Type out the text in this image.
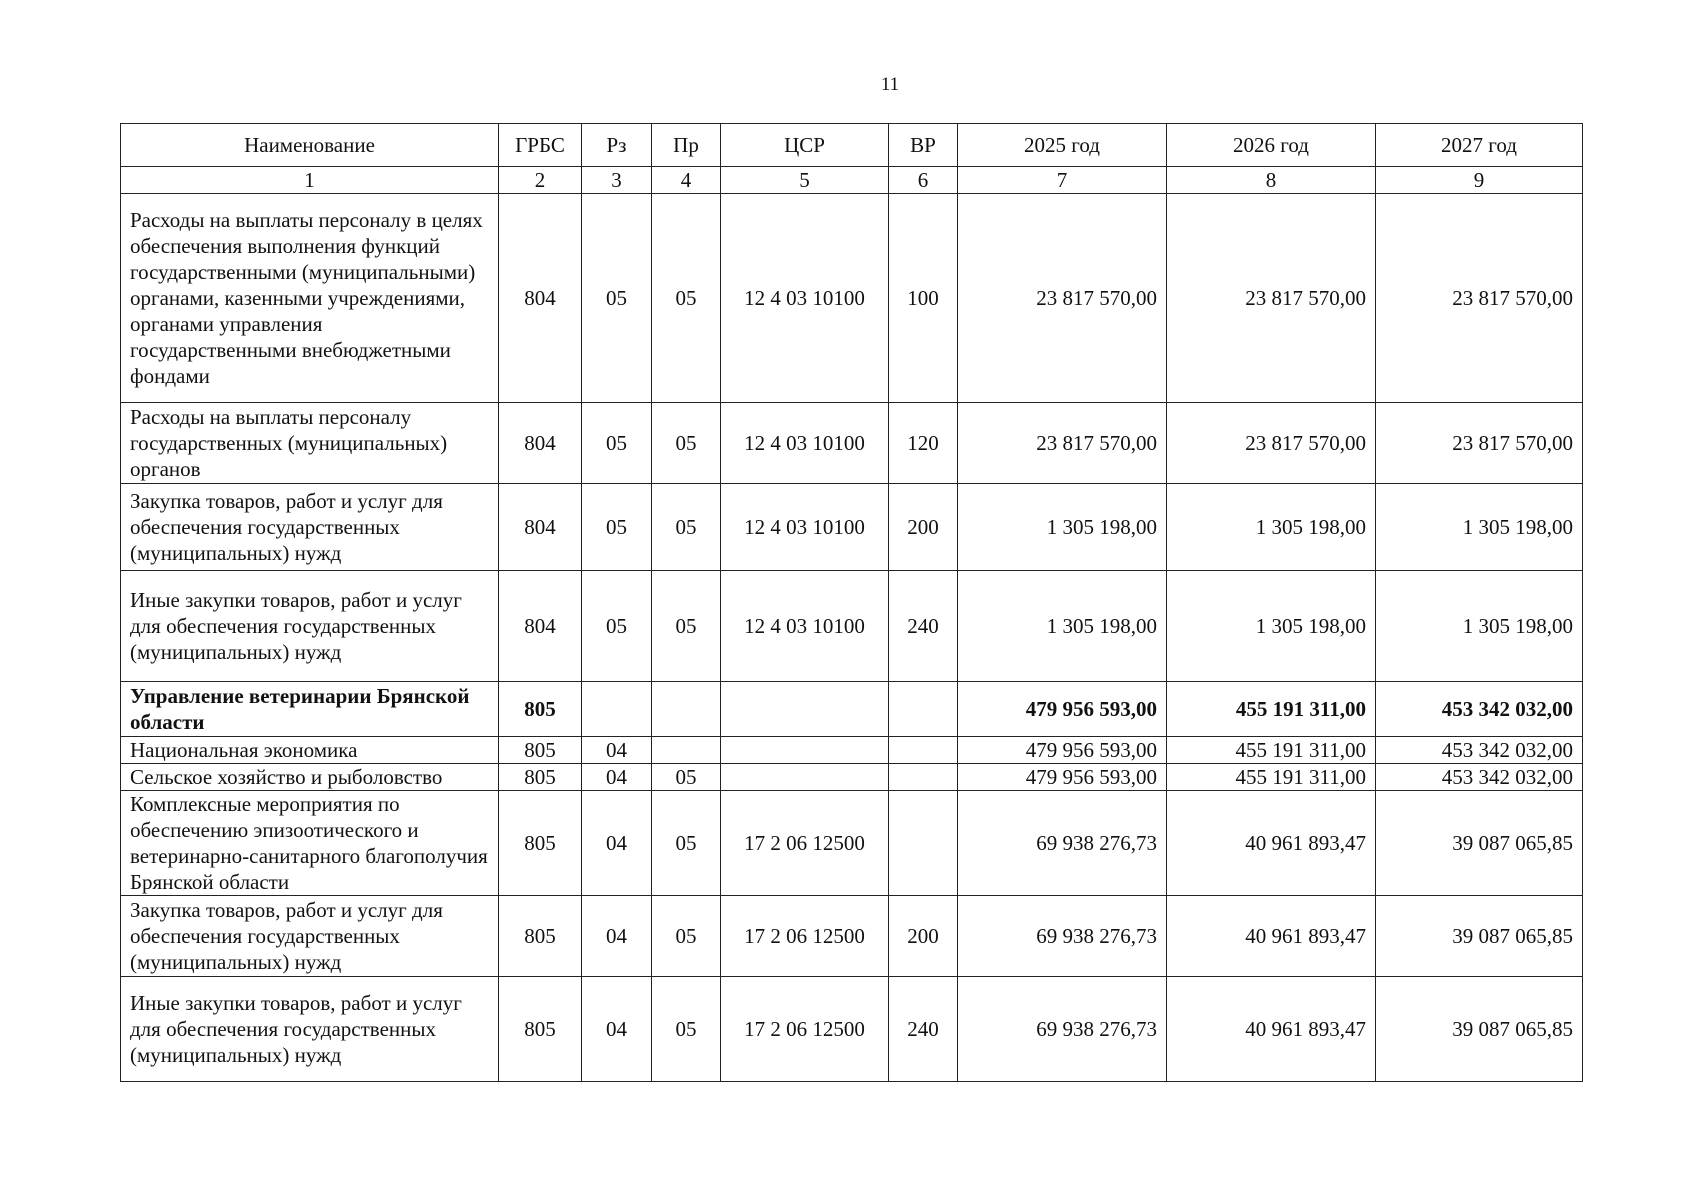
11
Наименование	ГРБС	Рз	Пр	ЦСР	ВР	2025 год	2026 год	2027 год
1	2	3	4	5	6	7	8	9
Расходы на выплаты персоналу в целях обеспечения выполнения функций государственными (муниципальными) органами, казенными учреждениями, органами управления государственными внебюджетными фондами	804	05	05	12 4 03 10100	100	23 817 570,00	23 817 570,00	23 817 570,00
Расходы на выплаты персоналу государственных (муниципальных) органов	804	05	05	12 4 03 10100	120	23 817 570,00	23 817 570,00	23 817 570,00
Закупка товаров, работ и услуг для обеспечения государственных (муниципальных) нужд	804	05	05	12 4 03 10100	200	1 305 198,00	1 305 198,00	1 305 198,00
Иные закупки товаров, работ и услуг для обеспечения государственных (муниципальных) нужд	804	05	05	12 4 03 10100	240	1 305 198,00	1 305 198,00	1 305 198,00
Управление ветеринарии Брянской области	805					479 956 593,00	455 191 311,00	453 342 032,00
Национальная экономика	805	04				479 956 593,00	455 191 311,00	453 342 032,00
Сельское хозяйство и рыболовство	805	04	05			479 956 593,00	455 191 311,00	453 342 032,00
Комплексные мероприятия по обеспечению эпизоотического и ветеринарно-санитарного благополучия Брянской области	805	04	05	17 2 06 12500		69 938 276,73	40 961 893,47	39 087 065,85
Закупка товаров, работ и услуг для обеспечения государственных (муниципальных) нужд	805	04	05	17 2 06 12500	200	69 938 276,73	40 961 893,47	39 087 065,85
Иные закупки товаров, работ и услуг для обеспечения государственных (муниципальных) нужд	805	04	05	17 2 06 12500	240	69 938 276,73	40 961 893,47	39 087 065,85
